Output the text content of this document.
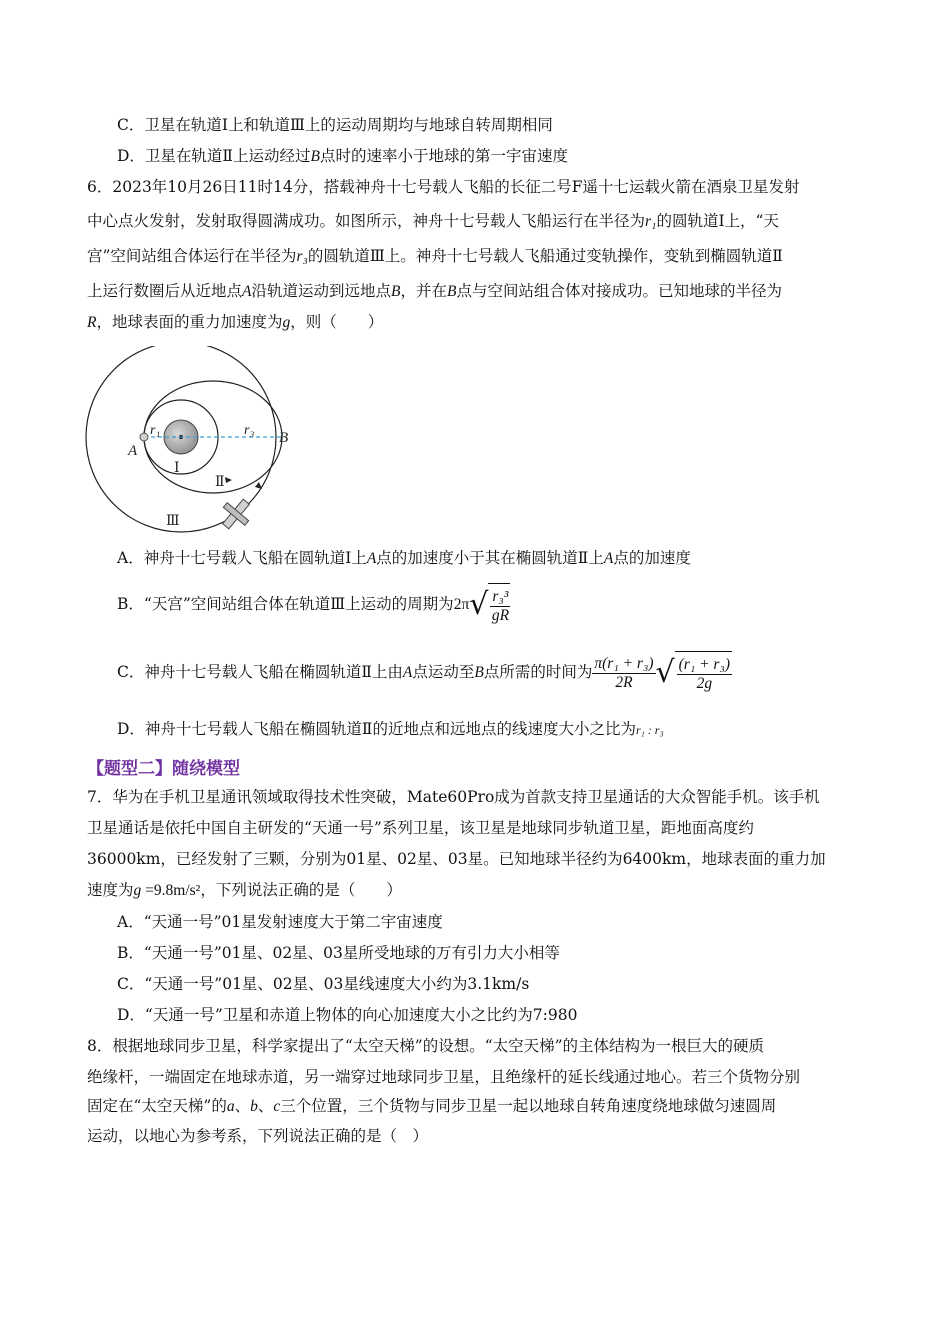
C．卫星在轨道Ⅰ上和轨道Ⅲ上的运动周期均与地球自转周期相同
D．卫星在轨道Ⅱ上运动经过B点时的速率小于地球的第一宇宙速度
6．2023年10月26日11时14分，搭载神舟十七号载人飞船的长征二号F遥十七运载火箭在酒泉卫星发射
中心点火发射，发射取得圆满成功。如图所示，神舟十七号载人飞船运行在半径为r₁的圆轨道Ⅰ上，“天
宫”空间站组合体运行在半径为r₃的圆轨道Ⅲ上。神舟十七号载人飞船通过变轨操作，变轨到椭圆轨道Ⅱ
上运行数圈后从近地点A沿轨道运动到远地点B，并在B点与空间站组合体对接成功。已知地球的半径为
R，地球表面的重力加速度为g，则（　　）
r₁	r₃
A
B
Ⅰ
Ⅱ
Ⅲ
A．神舟十七号载人飞船在圆轨道Ⅰ上A点的加速度小于其在椭圆轨道Ⅱ上A点的加速度
B．“天宫”空间站组合体在轨道Ⅲ上运动的周期为$2\pi√ \frac{\text{r₃³}}{gR}$
C．神舟十七号载人飞船在椭圆轨道Ⅱ上由A点运动至B点所需的时间为 $\frac{\text{π(r₁ + r₃)}}{2R}$ √ $\frac{\text{(r₁ + r₃)}}{2g}$
D．神舟十七号载人飞船在椭圆轨道Ⅱ的近地点和远地点的线速度大小之比为r₁ : r₃
【题型二】随绕模型
7．华为在手机卫星通讯领域取得技术性突破，Mate60Pro成为首款支持卫星通话的大众智能手机。该手机
卫星通话是依托中国自主研发的“天通一号”系列卫星，该卫星是地球同步轨道卫星，距地面高度约
36000km，已经发射了三颗，分别为01星、02星、03星。已知地球半径约为6400km，地球表面的重力加
速度为g =9.8m/s²，下列说法正确的是（　　）
A．“天通一号”01星发射速度大于第二宇宙速度
B．“天通一号”01星、02星、03星所受地球的万有引力大小相等
C．“天通一号”01星、02星、03星线速度大小约为3.1km/s
D．“天通一号”卫星和赤道上物体的向心加速度大小之比约为7:980
8．根据地球同步卫星，科学家提出了“太空天梯”的设想。“太空天梯”的主体结构为一根巨大的硬质
绝缘杆，一端固定在地球赤道，另一端穿过地球同步卫星，且绝缘杆的延长线通过地心。若三个货物分别
固定在“太空天梯”的a、b、c三个位置，三个货物与同步卫星一起以地球自转角速度绕地球做匀速圆周
运动，以地心为参考系，下列说法正确的是（　）
